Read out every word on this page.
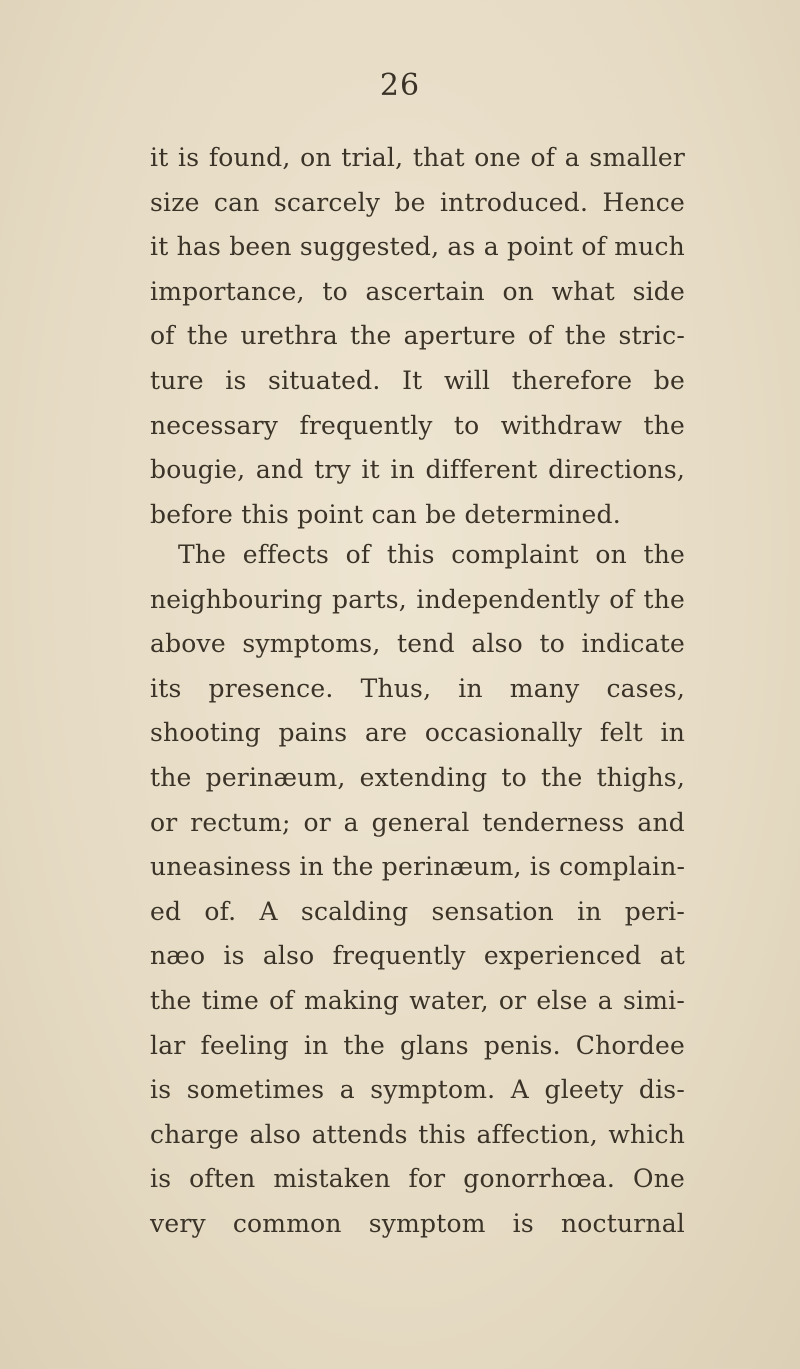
26
it is found, on trial, that one of a smaller
size can scarcely be introduced. Hence
it has been suggested, as a point of much
importance, to ascertain on what side
of the urethra the aperture of the stric-
ture is situated. It will therefore be
necessary frequently to withdraw the
bougie, and try it in different directions,
before this point can be determined.
The effects of this complaint on the
neighbouring parts, independently of the
above symptoms, tend also to indicate
its presence. Thus, in many cases,
shooting pains are occasionally felt in
the perinæum, extending to the thighs,
or rectum; or a general tenderness and
uneasiness in the perinæum, is complain-
ed of. A scalding sensation in peri-
næo is also frequently experienced at
the time of making water, or else a simi-
lar feeling in the glans penis. Chordee
is sometimes a symptom. A gleety dis-
charge also attends this affection, which
is often mistaken for gonorrhœa. One
very common symptom is nocturnal
